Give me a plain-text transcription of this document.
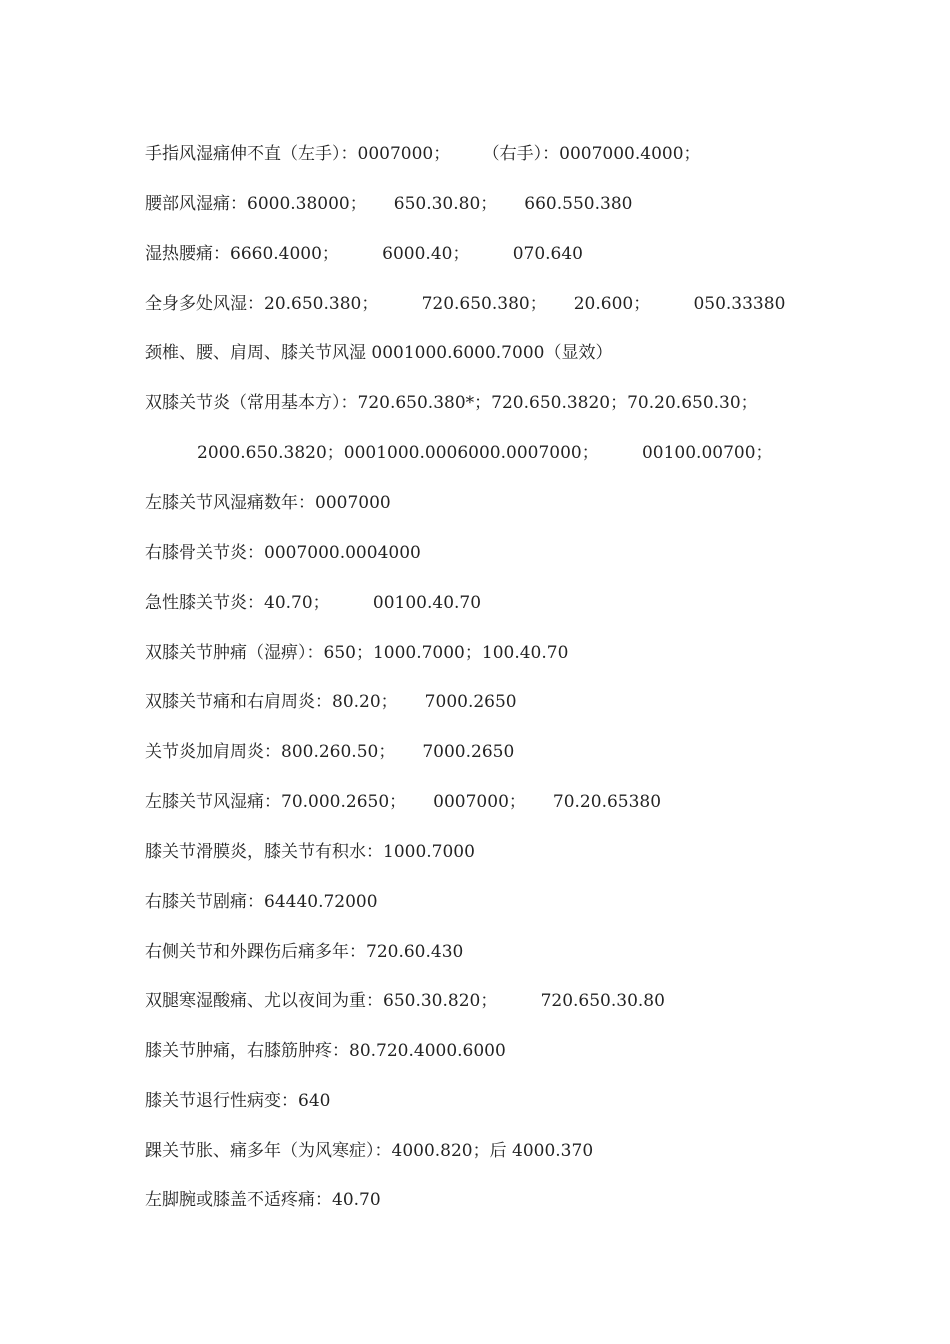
手指风湿痛伸不直（左手）：0007000；      （右手）：0007000.4000；
腰部风湿痛：6000.38000；     650.30.80；     660.550.380
湿热腰痛：6660.4000；        6000.40；        070.640
全身多处风湿：20.650.380；        720.650.380；     20.600；        050.33380
颈椎、腰、肩周、膝关节风湿 0001000.6000.7000（显效）
双膝关节炎（常用基本方）：720.650.380*；720.650.3820；70.20.650.30；
2000.650.3820；0001000.0006000.0007000；        00100.00700；
左膝关节风湿痛数年：0007000
右膝骨关节炎：0007000.0004000
急性膝关节炎：40.70；        00100.40.70
双膝关节肿痛（湿痹）：650；1000.7000；100.40.70
双膝关节痛和右肩周炎：80.20；     7000.2650
关节炎加肩周炎：800.260.50；     7000.2650
左膝关节风湿痛：70.000.2650；     0007000；     70.20.65380
膝关节滑膜炎，膝关节有积水：1000.7000
右膝关节剧痛：64440.72000
右侧关节和外踝伤后痛多年：720.60.430
双腿寒湿酸痛、尤以夜间为重：650.30.820；        720.650.30.80
膝关节肿痛，右膝筋肿疼：80.720.4000.6000
膝关节退行性病变：640
踝关节胀、痛多年（为风寒症）：4000.820；后 4000.370
左脚腕或膝盖不适疼痛：40.70
